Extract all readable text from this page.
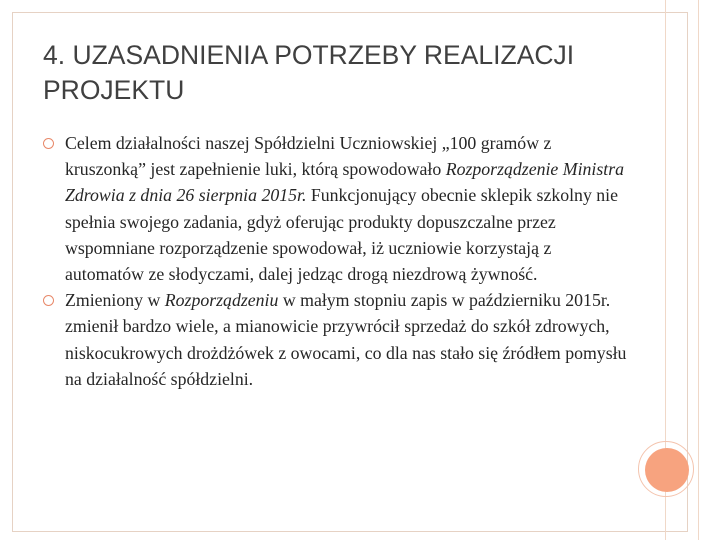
4. UZASADNIENIA POTRZEBY REALIZACJI PROJEKTU

Celem działalności naszej Spółdzielni Uczniowskiej „100 gramów z kruszonką” jest zapełnienie luki, którą spowodowało Rozporządzenie Ministra Zdrowia z dnia 26 sierpnia 2015r. Funkcjonujący obecnie sklepik szkolny nie spełnia swojego zadania, gdyż oferując produkty dopuszczalne przez wspomniane rozporządzenie spowodował, iż uczniowie korzystają z automatów ze słodyczami, dalej jedząc drogą niezdrową żywność.

Zmieniony w Rozporządzeniu w małym stopniu zapis w październiku 2015r. zmienił bardzo wiele, a mianowicie przywrócił sprzedaż do szkół zdrowych, niskocukrowych drożdżówek z owocami, co dla nas stało się źródłem pomysłu na działalność spółdzielni.
